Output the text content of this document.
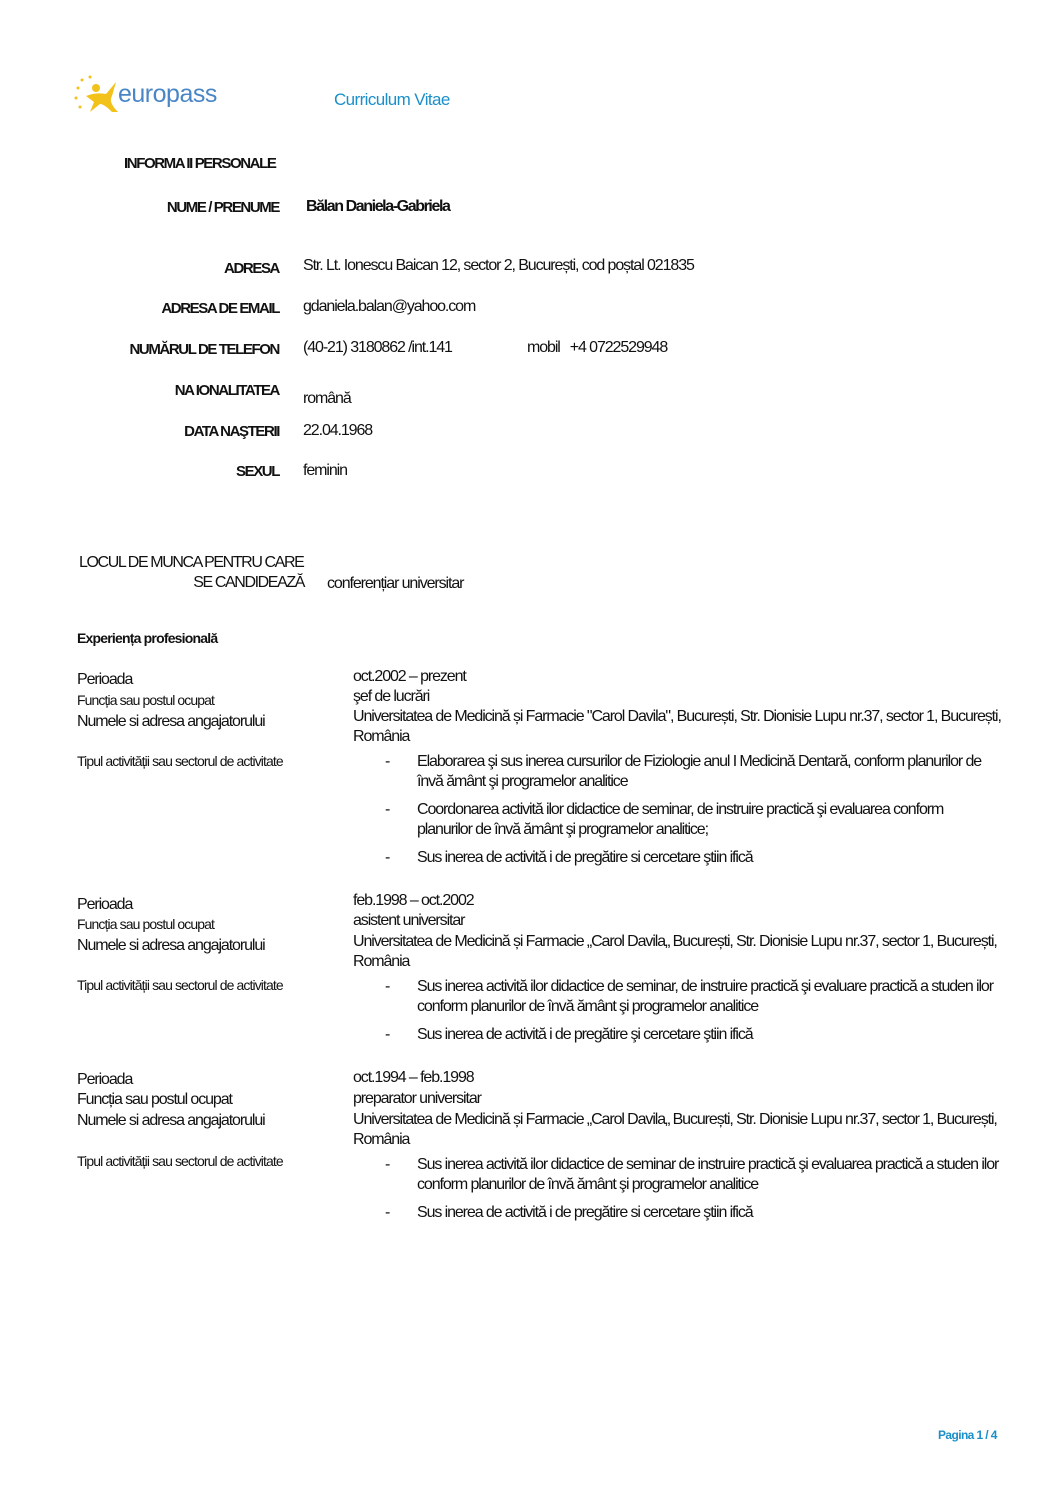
europass	Curriculum Vitae
INFORMA II PERSONALE
NUME / PRENUME Bălan Daniela-Gabriela
ADRESA Str. Lt. Ionescu Baican 12, sector 2, București, cod poștal 021835
ADRESA DE EMAIL gdaniela.balan@yahoo.com
NUMĂRUL DE TELEFON (40-21) 3180862 /int.141	mobil   +4 0722529948
NA IONALITATEA română
DATA NAŞTERII 22.04.1968
SEXUL feminin
LOCUL DE MUNCA PENTRU CARE
SE CANDIDEAZĂ conferențiar universitar
Experiența profesională
Perioada
Funcția sau postul ocupat
Numele si adresa angajatorului
Tipul activității sau sectorul de activitate
oct.2002 – prezent
şef de lucrări
Universitatea de Medicină și Farmacie "Carol Davila", București, Str. Dionisie Lupu nr.37, sector 1, București, România
- Elaborarea şi sus inerea cursurilor de Fiziologie anul I Medicină Dentară, conform planurilor de învă ământ şi programelor analitice
- Coordonarea activită ilor didactice de seminar, de instruire practică şi evaluarea conform planurilor de învă ământ şi programelor analitice;
- Sus inerea de activită i de pregătire si cercetare ştiin ifică
Perioada
Funcția sau postul ocupat
Numele si adresa angajatorului
Tipul activității sau sectorul de activitate
feb.1998 – oct.2002
asistent universitar
Universitatea de Medicină și Farmacie „Carol Davila„ București, Str. Dionisie Lupu nr.37, sector 1, București, România
- Sus inerea activită ilor didactice de seminar, de instruire practică şi evaluare practică a studen ilor conform planurilor de învă ământ şi programelor analitice
- Sus inerea de activită i de pregătire şi cercetare ştiin ifică
Perioada
Funcția sau postul ocupat
Numele si adresa angajatorului
Tipul activității sau sectorul de activitate
oct.1994 – feb.1998
preparator universitar
Universitatea de Medicină și Farmacie „Carol Davila„ București, Str. Dionisie Lupu nr.37, sector 1, București, România
- Sus inerea activită ilor didactice de seminar de instruire practică şi evaluarea practică a studen ilor conform planurilor de învă ământ şi programelor analitice
- Sus inerea de activită i de pregătire si cercetare ştiin ifică
Pagina 1 / 4
